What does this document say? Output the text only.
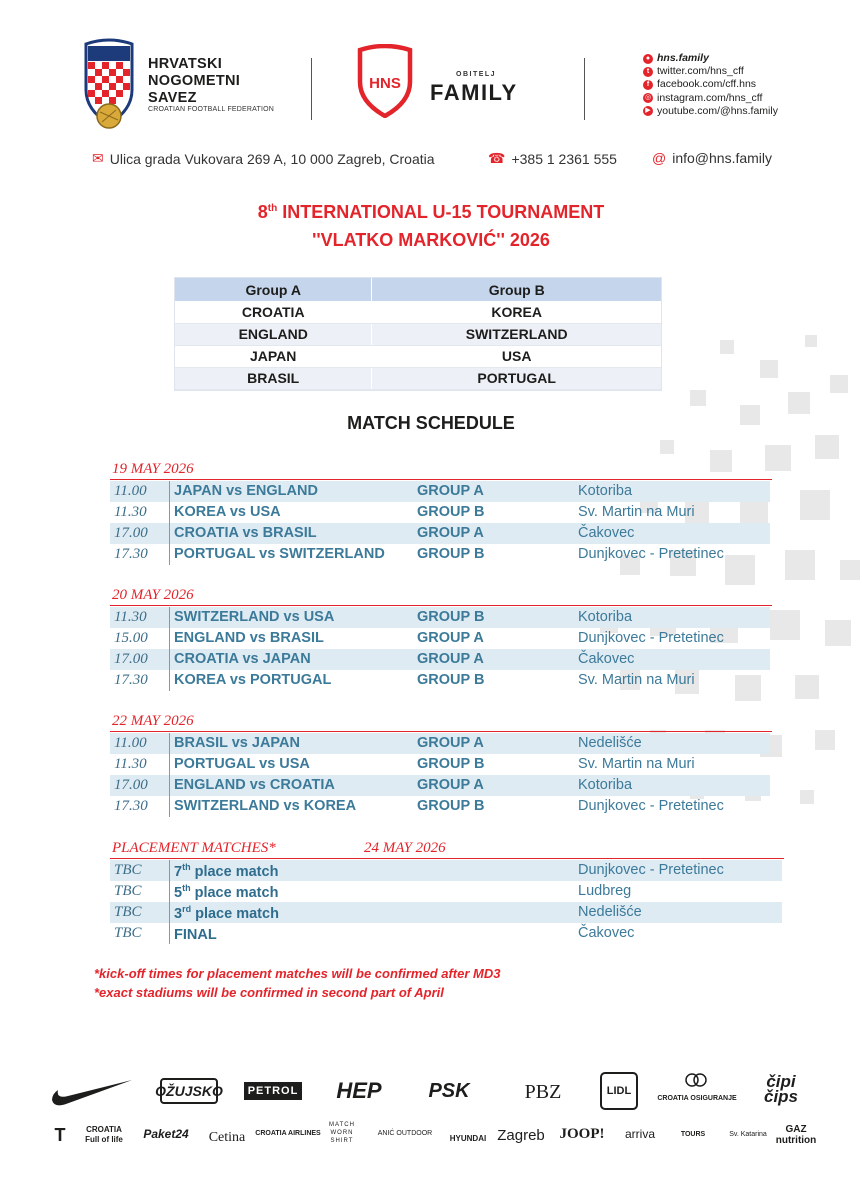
HRVATSKI
NOGOMETNI
SAVEZ
CROATIAN FOOTBALL FEDERATION
HNS
OBITELJ
FAMILY
● hns.family
t twitter.com/hns_cff
f facebook.com/cff.hns
◎ instagram.com/hns_cff
▶ youtube.com/@hns.family
✉ Ulica grada Vukovara 269 A, 10 000 Zagreb, Croatia	☎ +385 1 2361 555	@ info@hns.family
8th INTERNATIONAL U-15 TOURNAMENT
''VLATKO MARKOVIĆ'' 2026
Group A	Group B
CROATIA	KOREA
ENGLAND	SWITZERLAND
JAPAN	USA
BRASIL	PORTUGAL
MATCH SCHEDULE
19 MAY 2026
11.00 JAPAN vs ENGLAND	GROUP A	Kotoriba
11.30 KOREA vs USA	GROUP B	Sv. Martin na Muri
17.00 CROATIA vs BRASIL	GROUP A	Čakovec
17.30 PORTUGAL vs SWITZERLAND GROUP B	Dunjkovec - Pretetinec
20 MAY 2026
11.30 SWITZERLAND vs USA	GROUP B	Kotoriba
15.00 ENGLAND vs BRASIL	GROUP A	Dunjkovec - Pretetinec
17.00 CROATIA vs JAPAN	GROUP A	Čakovec
17.30 KOREA vs PORTUGAL	GROUP B	Sv. Martin na Muri
22 MAY 2026
11.00 BRASIL vs JAPAN	GROUP A	Nedelišće
11.30 PORTUGAL vs USA	GROUP B	Sv. Martin na Muri
17.00 ENGLAND vs CROATIA	GROUP A	Kotoriba
17.30 SWITZERLAND vs KOREA	GROUP B	Dunjkovec - Pretetinec
PLACEMENT MATCHES*	24 MAY 2026
TBC 7th place match	Dunjkovec - Pretetinec
TBC 5th place match	Ludbreg
TBC 3rd place match	Nedelišće
TBC FINAL	Čakovec
*kick-off times for placement matches will be confirmed after MD3
*exact stadiums will be confirmed in second part of April
OŽUJSKO	PETROL	HEP	PSK	PBZ	LIDL
CROATIA OSIGURANJE
čipi čips
T	CROATIA Full of life	Paket24	Cetina	CROATIA AIRLINES
MATCH WORN SHIRT
ANIĆ OUTDOOR
HYUNDAI Zagreb JOOP!	arriva	TOURS	Sv. Katarina	GAZ nutrition
